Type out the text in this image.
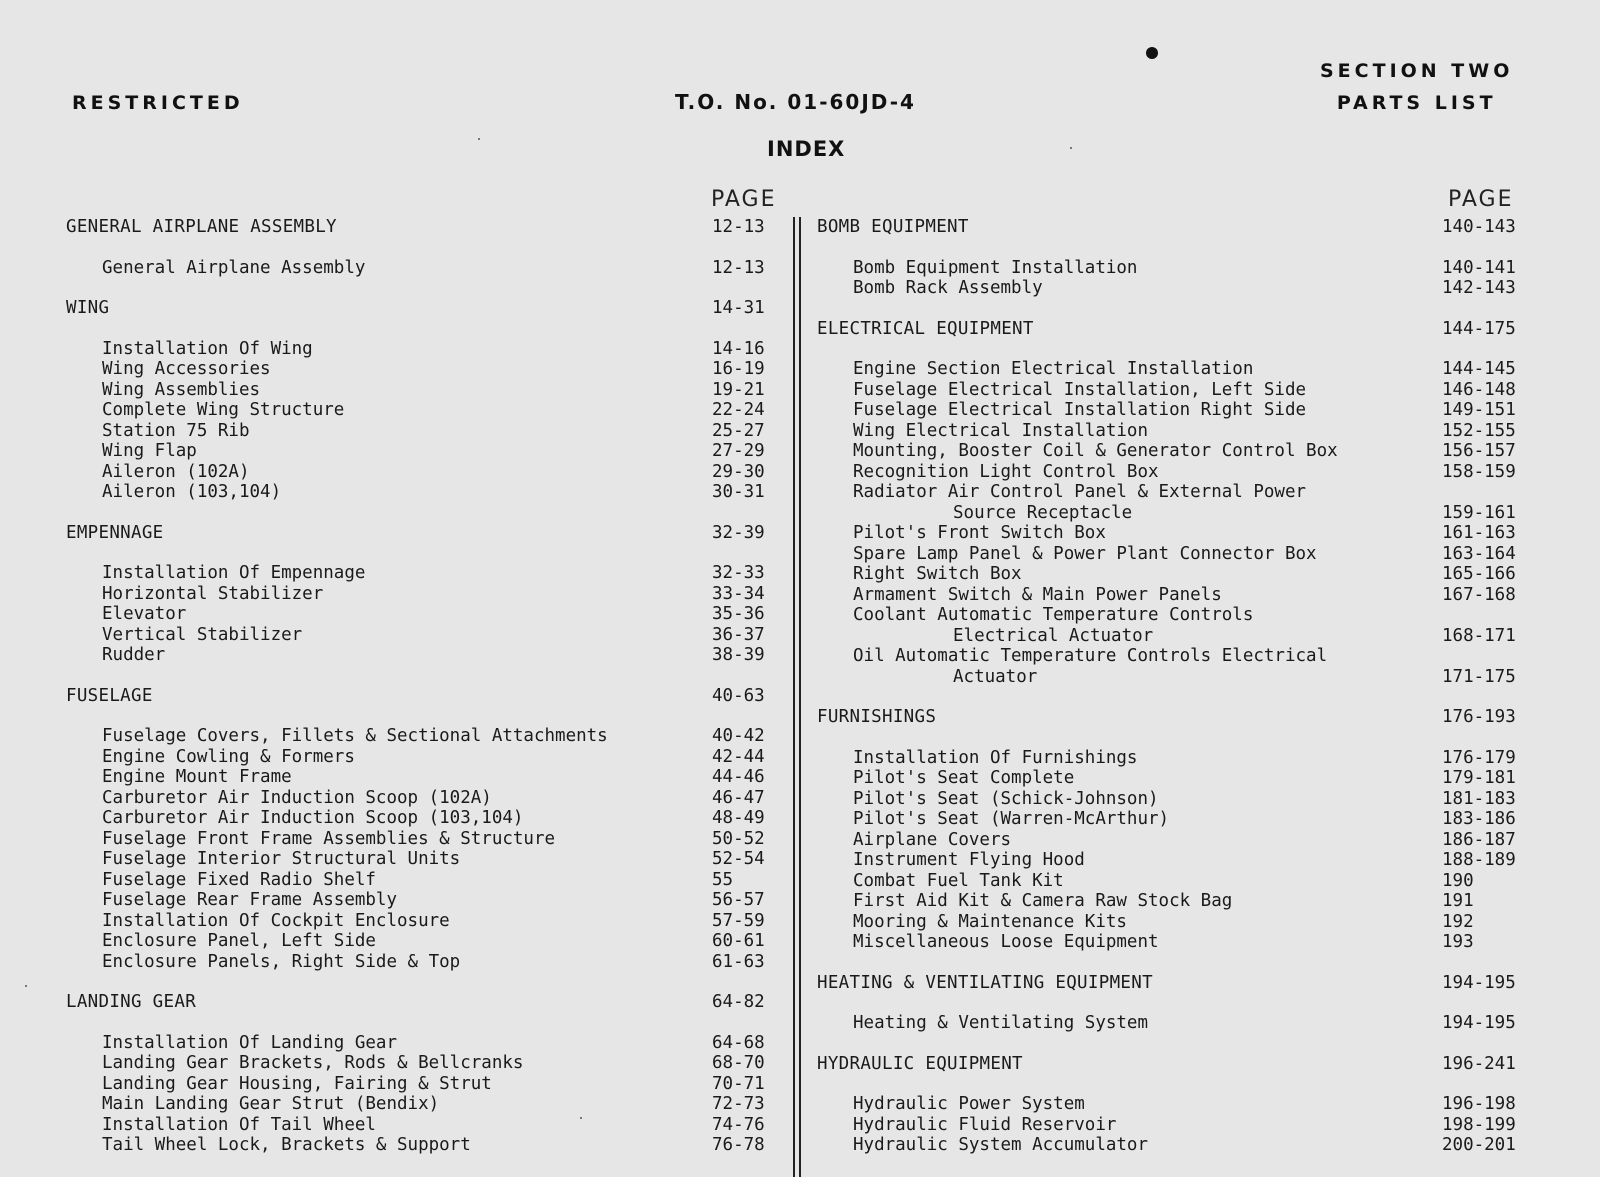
RESTRICTED	T.O. No. 01-60JD-4
SECTION TWO
PARTS LIST
INDEX
PAGE	PAGE
GENERAL AIRPLANE ASSEMBLY	12-13
General Airplane Assembly	12-13
WING	14-31
Installation Of Wing	14-16
Wing Accessories	16-19
Wing Assemblies	19-21
Complete Wing Structure	22-24
Station 75 Rib	25-27
Wing Flap	27-29
Aileron (102A)	29-30
Aileron (103,104)	30-31
EMPENNAGE	32-39
Installation Of Empennage	32-33
Horizontal Stabilizer	33-34
Elevator	35-36
Vertical Stabilizer	36-37
Rudder	38-39
FUSELAGE	40-63
Fuselage Covers, Fillets & Sectional Attachments	40-42
Engine Cowling & Formers	42-44
Engine Mount Frame	44-46
Carburetor Air Induction Scoop (102A)	46-47
Carburetor Air Induction Scoop (103,104)	48-49
Fuselage Front Frame Assemblies & Structure	50-52
Fuselage Interior Structural Units	52-54
Fuselage Fixed Radio Shelf	55
Fuselage Rear Frame Assembly	56-57
Installation Of Cockpit Enclosure	57-59
Enclosure Panel, Left Side	60-61
Enclosure Panels, Right Side & Top	61-63
LANDING GEAR	64-82
Installation Of Landing Gear	64-68
Landing Gear Brackets, Rods & Bellcranks	68-70
Landing Gear Housing, Fairing & Strut	70-71
Main Landing Gear Strut (Bendix)	72-73
Installation Of Tail Wheel	74-76
Tail Wheel Lock, Brackets & Support	76-78
BOMB EQUIPMENT	140-143
Bomb Equipment Installation	140-141
Bomb Rack Assembly	142-143
ELECTRICAL EQUIPMENT	144-175
Engine Section Electrical Installation	144-145
Fuselage Electrical Installation, Left Side	146-148
Fuselage Electrical Installation Right Side	149-151
Wing Electrical Installation	152-155
Mounting, Booster Coil & Generator Control Box	156-157
Recognition Light Control Box	158-159
Radiator Air Control Panel & External Power
Source Receptacle	159-161
Pilot's Front Switch Box	161-163
Spare Lamp Panel & Power Plant Connector Box	163-164
Right Switch Box	165-166
Armament Switch & Main Power Panels	167-168
Coolant Automatic Temperature Controls
Electrical Actuator	168-171
Oil Automatic Temperature Controls Electrical
Actuator	171-175
FURNISHINGS	176-193
Installation Of Furnishings	176-179
Pilot's Seat Complete	179-181
Pilot's Seat (Schick-Johnson)	181-183
Pilot's Seat (Warren-McArthur)	183-186
Airplane Covers	186-187
Instrument Flying Hood	188-189
Combat Fuel Tank Kit	190
First Aid Kit & Camera Raw Stock Bag	191
Mooring & Maintenance Kits	192
Miscellaneous Loose Equipment	193
HEATING & VENTILATING EQUIPMENT	194-195
Heating & Ventilating System	194-195
HYDRAULIC EQUIPMENT	196-241
Hydraulic Power System	196-198
Hydraulic Fluid Reservoir	198-199
Hydraulic System Accumulator	200-201
